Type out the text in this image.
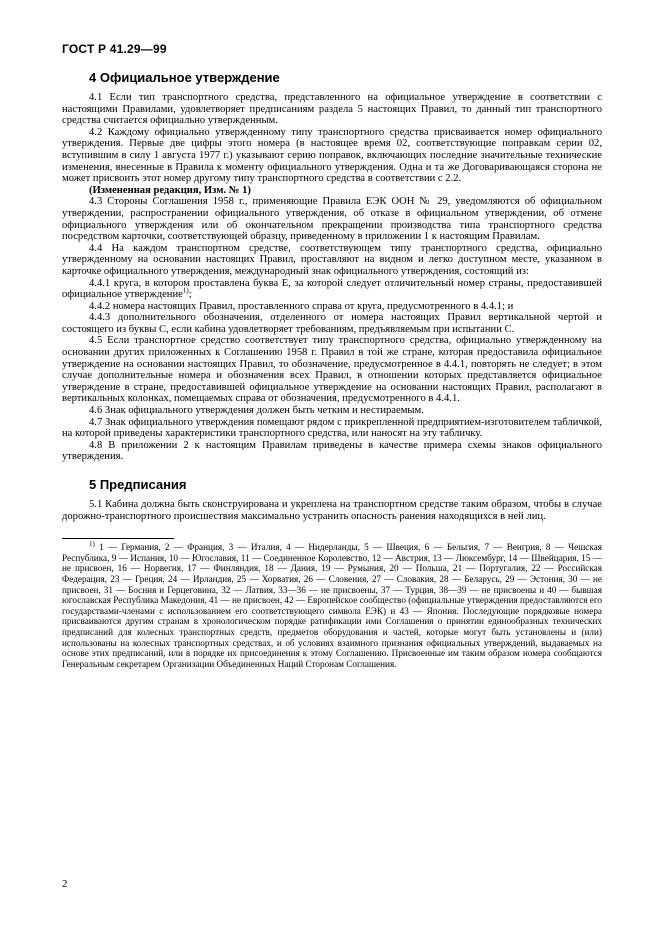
ГОСТ Р 41.29—99
4 Официальное утверждение

4.1 Если тип транспортного средства, представленного на официальное утверждение в соответствии с настоящими Правилами, удовлетворяет предписаниям раздела 5 настоящих Правил, то данный тип транспортного средства считается официально утвержденным.

4.2 Каждому официально утвержденному типу транспортного средства присваивается номер официального утверждения. Первые две цифры этого номера (в настоящее время 02, соответствующие поправкам серии 02, вступившим в силу 1 августа 1977 г.) указывают серию поправок, включающих последние значительные технические изменения, внесенные в Правила к моменту официального утверждения. Одна и та же Договаривающаяся сторона не может присвоить этот номер другому типу транспортного средства в соответствии с 2.2.

(Измененная редакция, Изм. № 1)

4.3 Стороны Соглашения 1958 г., применяющие Правила ЕЭК ООН № 29, уведомляются об официальном утверждении, распространении официального утверждения, об отказе в официальном утверждении, об отмене официального утверждения или об окончательном прекращении производства типа транспортного средства посредством карточки, соответствующей образцу, приведенному в приложении 1 к настоящим Правилам.

4.4 На каждом транспортном средстве, соответствующем типу транспортного средства, официально утвержденному на основании настоящих Правил, проставляют на видном и легко доступном месте, указанном в карточке официального утверждения, международный знак официального утверждения, состоящий из:

4.4.1 круга, в котором проставлена буква Е, за которой следует отличительный номер страны, предоставившей официальное утверждение$^{1)}$;

4.4.2 номера настоящих Правил, проставленного справа от круга, предусмотренного в 4.4.1; и

4.4.3 дополнительного обозначения, отделенного от номера настоящих Правил вертикальной чертой и состоящего из буквы С, если кабина удовлетворяет требованиям, предъявляемым при испытании С.

4.5 Если транспортное средство соответствует типу транспортного средства, официально утвержденному на основании других приложенных к Соглашению 1958 г. Правил в той же стране, которая предоставила официальное утверждение на основании настоящих Правил, то обозначение, предусмотренное в 4.4.1, повторять не следует; в этом случае дополнительные номера и обозначения всех Правил, в отношении которых представляется официальное утверждение в стране, предоставившей официальное утверждение на основании настоящих Правил, располагают в вертикальных колонках, помещаемых справа от обозначения, предусмотренного в 4.4.1.

4.6 Знак официального утверждения должен быть четким и нестираемым.

4.7 Знак официального утверждения помещают рядом с прикрепленной предприятием-изготовителем табличкой, на которой приведены характеристики транспортного средства, или наносят на эту табличку.

4.8 В приложении 2 к настоящим Правилам приведены в качестве примера схемы знаков официального утверждения.

5 Предписания

5.1 Кабина должна быть сконструирована и укреплена на транспортном средстве таким образом, чтобы в случае дорожно-транспортного происшествия максимально устранить опасность ранения находящихся в ней лиц.

$^{1)}$ 1 — Германия, 2 — Франция, 3 — Италия, 4 — Нидерланды, 5 — Швеция, 6 — Бельгия, 7 — Венгрия, 8 — Чешская Республика, 9 — Испания, 10 — Югославия, 11 — Соединенное Королевство, 12 — Австрия, 13 — Люксембург, 14 — Швейцария, 15 — не присвоен, 16 — Норвегия, 17 — Финляндия, 18 — Дания, 19 — Румыния, 20 — Польша, 21 — Португалия, 22 — Российская Федерация, 23 — Греция, 24 — Ирландия, 25 — Хорватия, 26 — Словения, 27 — Словакия, 28 — Беларусь, 29 — Эстония, 30 — не присвоен, 31 — Босния и Герцеговина, 32 — Латвия, 33—36 — не присвоены, 37 — Турция, 38—39 — не присвоены и 40 — бывшая югославская Республика Македония, 41 — не присвоен, 42 — Европейское сообщество (официальные утверждения предоставляются его государствами-членами с использованием его соответствующего символа ЕЭК) и 43 — Япония. Последующие порядковые номера присваиваются другим странам в хронологическом порядке ратификации ими Соглашения о принятии единообразных технических предписаний для колесных транспортных средств, предметов оборудования и частей, которые могут быть установлены и (или) использованы на колесных транспортных средствах, и об условиях взаимного признания официальных утверждений, выдаваемых на основе этих предписаний, или в порядке их присоединения к этому Соглашению. Присвоенные им таким образом номера сообщаются Генеральным секретарем Организации Объединенных Наций Сторонам Соглашения.

2
